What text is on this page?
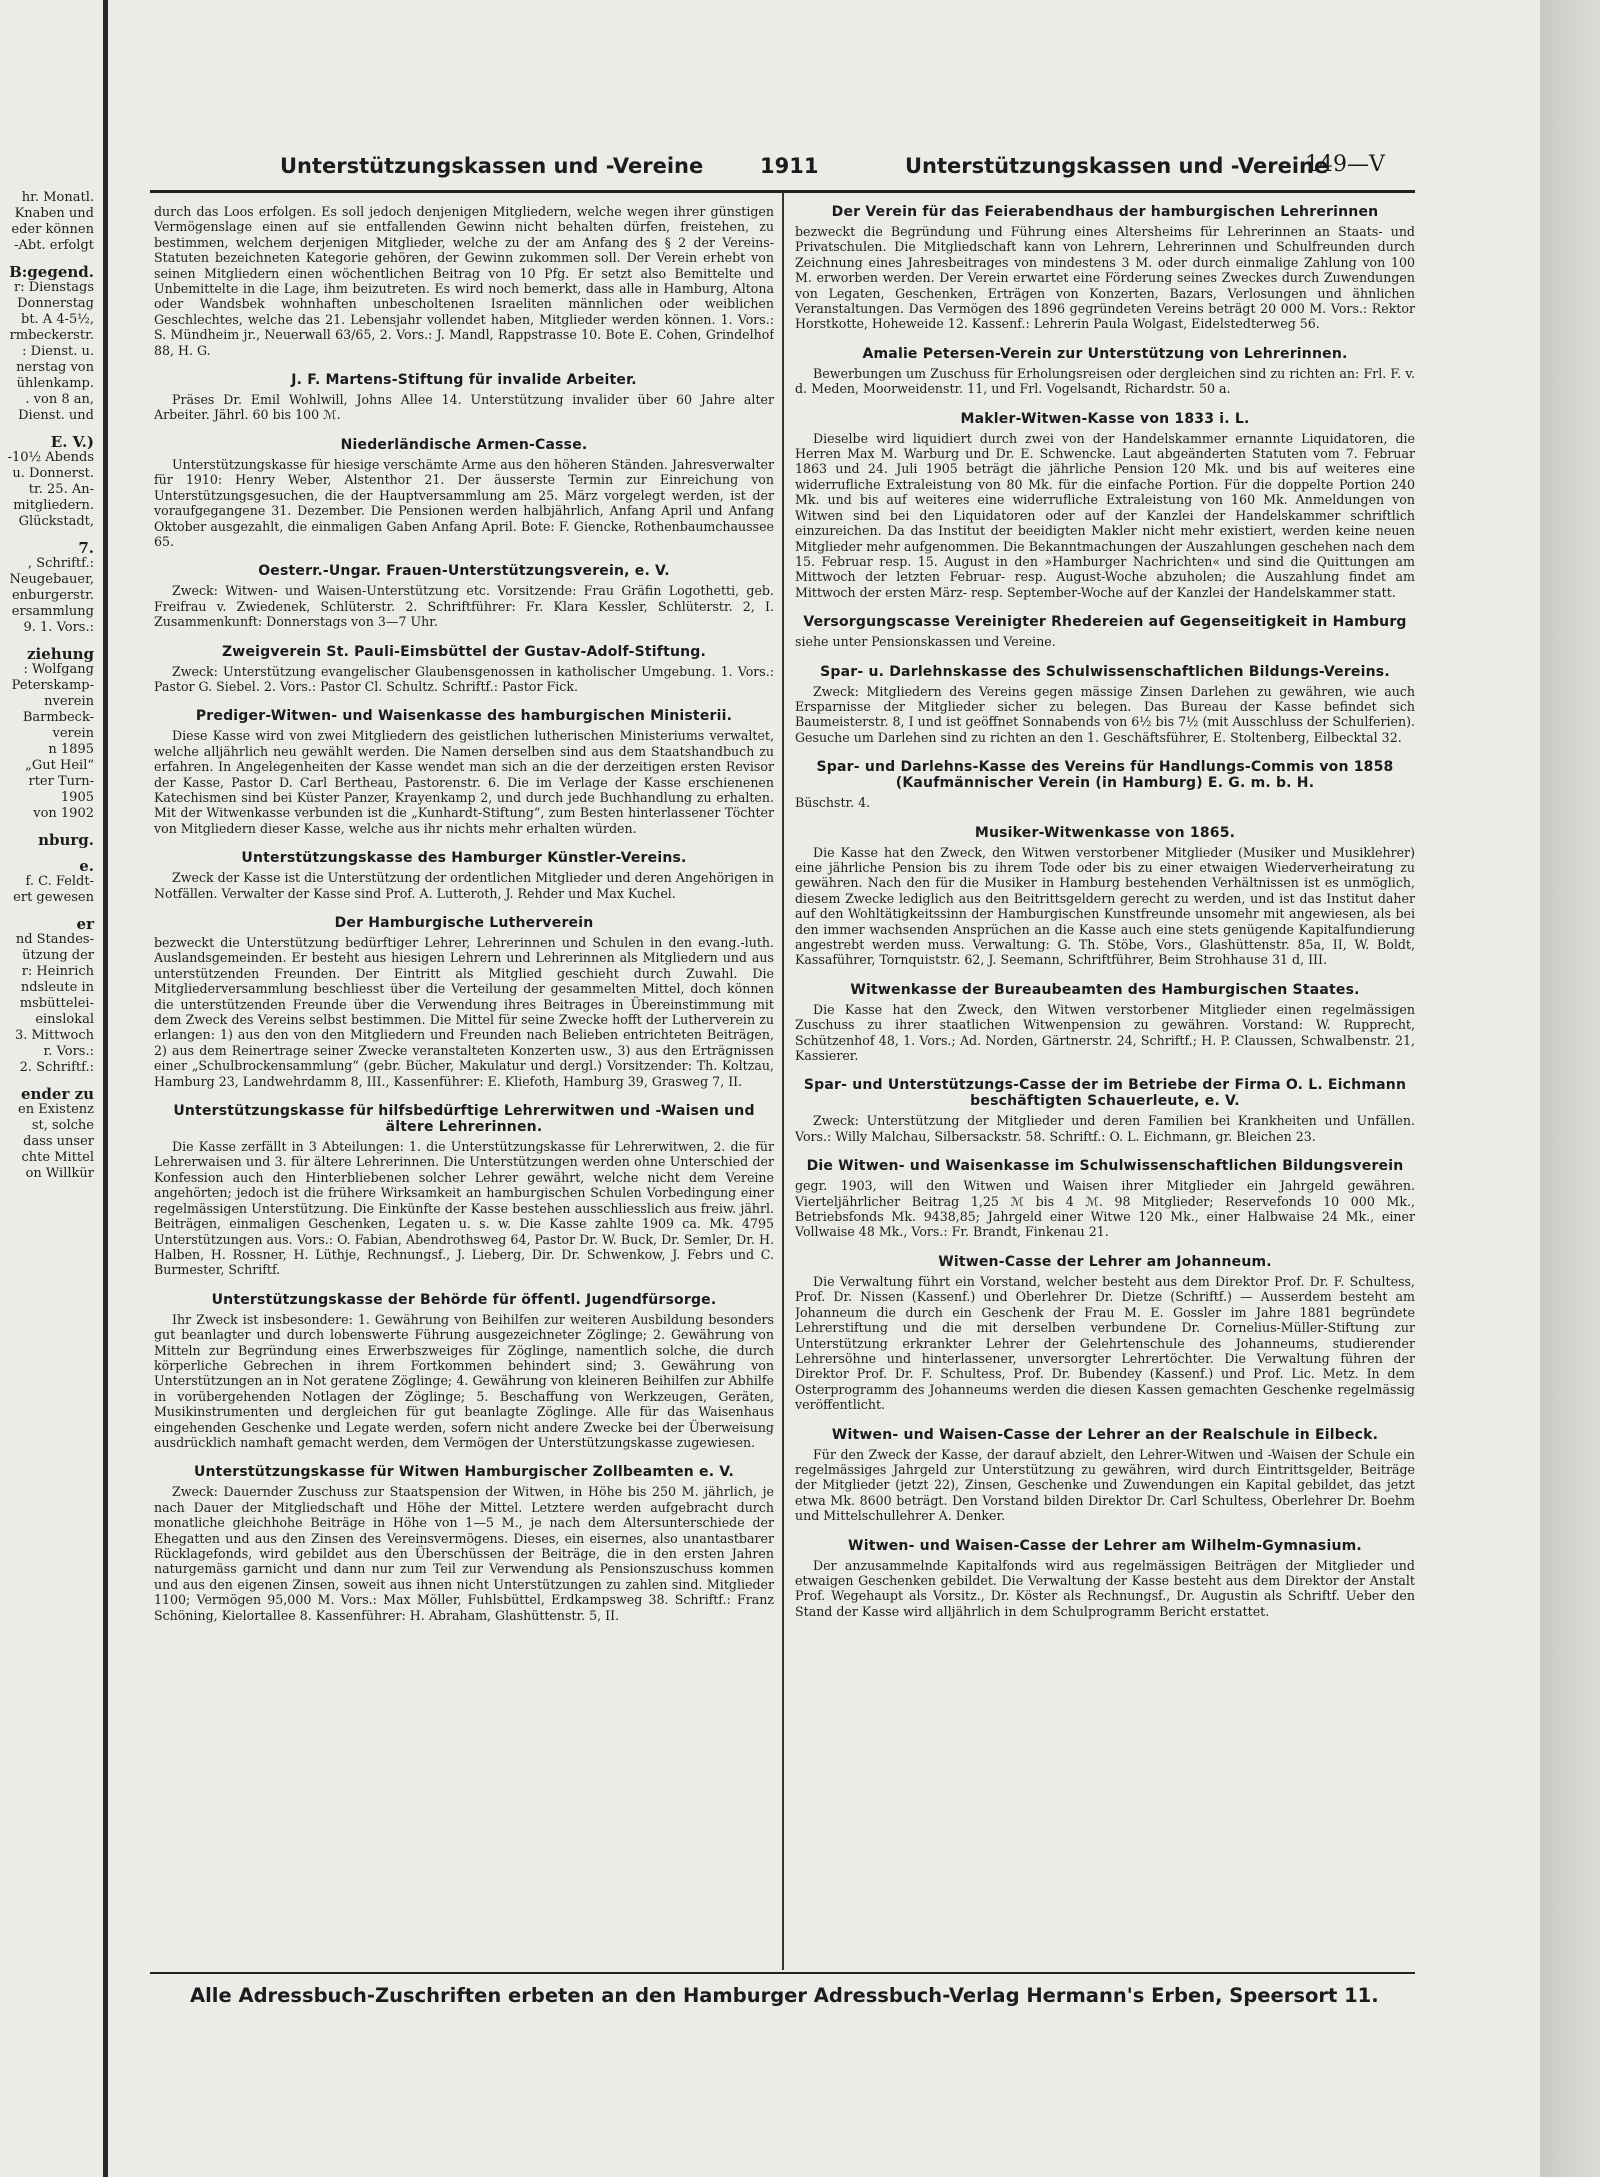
hr. Monatl.
Knaben und
eder können
-Abt. erfolgt
B:gegend.
r: Dienstags
Donnerstag
bt. A 4-5½,
rmbeckerstr.
: Dienst. u.
nerstag von
ühlenkamp.
. von 8 an,
Dienst. und
E. V.)
-10½ Abends
u. Donnerst.
tr. 25. An-
mitgliedern.
Glückstadt,
7.
, Schriftf.:
Neugebauer,
enburgerstr.
ersammlung
9. 1. Vors.:
ziehung
: Wolfgang
Peterskamp-
nverein
Barmbeck-
verein
n 1895
„Gut Heil“
rter Turn-
1905
von 1902
nburg.
e.
f. C. Feldt-
ert gewesen
er
nd Standes-
ützung der
r: Heinrich
ndsleute in
msbüttelei-
einslokal
3. Mittwoch
r. Vors.:
2. Schriftf.:
ender zu
en Existenz
st, solche
dass unser
chte Mittel
on Willkür
Unterstützungskassen und -Vereine	1911	Unterstützungskassen und -Vereine
149—V

durch das Loos erfolgen. Es soll jedoch denjenigen Mitgliedern, welche wegen ihrer günstigen Vermögenslage einen auf sie entfallenden Gewinn nicht behalten dürfen, freistehen, zu bestimmen, welchem derjenigen Mitglieder, welche zu der am Anfang des § 2 der Vereins-Statuten bezeichneten Kategorie gehören, der Gewinn zukommen soll. Der Verein erhebt von seinen Mitgliedern einen wöchentlichen Beitrag von 10 Pfg. Er setzt also Bemittelte und Unbemittelte in die Lage, ihm beizutreten. Es wird noch bemerkt, dass alle in Hamburg, Altona oder Wandsbek wohnhaften unbescholtenen Israeliten männlichen oder weiblichen Geschlechtes, welche das 21. Lebensjahr vollendet haben, Mitglieder werden können. 1. Vors.: S. Mündheim jr., Neuerwall 63/65, 2. Vors.: J. Mandl, Rappstrasse 10. Bote E. Cohen, Grindelhof 88, H. G.

J. F. Martens-Stiftung für invalide Arbeiter.

Präses Dr. Emil Wohlwill, Johns Allee 14. Unterstützung invalider über 60 Jahre alter Arbeiter. Jährl. 60 bis 100 ℳ.

Niederländische Armen-Casse.

Unterstützungskasse für hiesige verschämte Arme aus den höheren Ständen. Jahresverwalter für 1910: Henry Weber, Alstenthor 21. Der äusserste Termin zur Einreichung von Unterstützungsgesuchen, die der Hauptversammlung am 25. März vorgelegt werden, ist der voraufgegangene 31. Dezember. Die Pensionen werden halbjährlich, Anfang April und Anfang Oktober ausgezahlt, die einmaligen Gaben Anfang April. Bote: F. Giencke, Rothenbaumchaussee 65.

Oesterr.-Ungar. Frauen-Unterstützungsverein, e. V.

Zweck: Witwen- und Waisen-Unterstützung etc. Vorsitzende: Frau Gräfin Logothetti, geb. Freifrau v. Zwiedenek, Schlüterstr. 2. Schriftführer: Fr. Klara Kessler, Schlüterstr. 2, I. Zusammenkunft: Donnerstags von 3—7 Uhr.

Zweigverein St. Pauli-Eimsbüttel der Gustav-Adolf-Stiftung.

Zweck: Unterstützung evangelischer Glaubensgenossen in katholischer Umgebung. 1. Vors.: Pastor G. Siebel. 2. Vors.: Pastor Cl. Schultz. Schriftf.: Pastor Fick.

Prediger-Witwen- und Waisenkasse des hamburgischen Ministerii.

Diese Kasse wird von zwei Mitgliedern des geistlichen lutherischen Ministeriums verwaltet, welche alljährlich neu gewählt werden. Die Namen derselben sind aus dem Staatshandbuch zu erfahren. In Angelegenheiten der Kasse wendet man sich an die der derzeitigen ersten Revisor der Kasse, Pastor D. Carl Bertheau, Pastorenstr. 6. Die im Verlage der Kasse erschienenen Katechismen sind bei Küster Panzer, Krayenkamp 2, und durch jede Buchhandlung zu erhalten. Mit der Witwenkasse verbunden ist die „Kunhardt-Stiftung“, zum Besten hinterlassener Töchter von Mitgliedern dieser Kasse, welche aus ihr nichts mehr erhalten würden.

Unterstützungskasse des Hamburger Künstler-Vereins.

Zweck der Kasse ist die Unterstützung der ordentlichen Mitglieder und deren Angehörigen in Notfällen. Verwalter der Kasse sind Prof. A. Lutteroth, J. Rehder und Max Kuchel.

Der Hamburgische Lutherverein

bezweckt die Unterstützung bedürftiger Lehrer, Lehrerinnen und Schulen in den evang.-luth. Auslandsgemeinden. Er besteht aus hiesigen Lehrern und Lehrerinnen als Mitgliedern und aus unterstützenden Freunden. Der Eintritt als Mitglied geschieht durch Zuwahl. Die Mitgliederversammlung beschliesst über die Verteilung der gesammelten Mittel, doch können die unterstützenden Freunde über die Verwendung ihres Beitrages in Übereinstimmung mit dem Zweck des Vereins selbst bestimmen. Die Mittel für seine Zwecke hofft der Lutherverein zu erlangen: 1) aus den von den Mitgliedern und Freunden nach Belieben entrichteten Beiträgen, 2) aus dem Reinertrage seiner Zwecke veranstalteten Konzerten usw., 3) aus den Erträgnissen einer „Schulbrockensammlung“ (gebr. Bücher, Makulatur und dergl.) Vorsitzender: Th. Koltzau, Hamburg 23, Landwehrdamm 8, III., Kassenführer: E. Kliefoth, Hamburg 39, Grasweg 7, II.

Unterstützungskasse für hilfsbedürftige Lehrerwitwen und -Waisen und ältere Lehrerinnen.

Die Kasse zerfällt in 3 Abteilungen: 1. die Unterstützungskasse für Lehrerwitwen, 2. die für Lehrerwaisen und 3. für ältere Lehrerinnen. Die Unterstützungen werden ohne Unterschied der Konfession auch den Hinterbliebenen solcher Lehrer gewährt, welche nicht dem Vereine angehörten; jedoch ist die frühere Wirksamkeit an hamburgischen Schulen Vorbedingung einer regelmässigen Unterstützung. Die Einkünfte der Kasse bestehen ausschliesslich aus freiw. jährl. Beiträgen, einmaligen Geschenken, Legaten u. s. w. Die Kasse zahlte 1909 ca. Mk. 4795 Unterstützungen aus. Vors.: O. Fabian, Abendrothsweg 64, Pastor Dr. W. Buck, Dr. Semler, Dr. H. Halben, H. Rossner, H. Lüthje, Rechnungsf., J. Lieberg, Dir. Dr. Schwenkow, J. Febrs und C. Burmester, Schriftf.

Unterstützungskasse der Behörde für öffentl. Jugendfürsorge.

Ihr Zweck ist insbesondere: 1. Gewährung von Beihilfen zur weiteren Ausbildung besonders gut beanlagter und durch lobenswerte Führung ausgezeichneter Zöglinge; 2. Gewährung von Mitteln zur Begründung eines Erwerbszweiges für Zöglinge, namentlich solche, die durch körperliche Gebrechen in ihrem Fortkommen behindert sind; 3. Gewährung von Unterstützungen an in Not geratene Zöglinge; 4. Gewährung von kleineren Beihilfen zur Abhilfe in vorübergehenden Notlagen der Zöglinge; 5. Beschaffung von Werkzeugen, Geräten, Musikinstrumenten und dergleichen für gut beanlagte Zöglinge. Alle für das Waisenhaus eingehenden Geschenke und Legate werden, sofern nicht andere Zwecke bei der Überweisung ausdrücklich namhaft gemacht werden, dem Vermögen der Unterstützungskasse zugewiesen.

Unterstützungskasse für Witwen Hamburgischer Zollbeamten e. V.

Zweck: Dauernder Zuschuss zur Staatspension der Witwen, in Höhe bis 250 M. jährlich, je nach Dauer der Mitgliedschaft und Höhe der Mittel. Letztere werden aufgebracht durch monatliche gleichhohe Beiträge in Höhe von 1—5 M., je nach dem Altersunterschiede der Ehegatten und aus den Zinsen des Vereinsvermögens. Dieses, ein eisernes, also unantastbarer Rücklagefonds, wird gebildet aus den Überschüssen der Beiträge, die in den ersten Jahren naturgemäss garnicht und dann nur zum Teil zur Verwendung als Pensionszuschuss kommen und aus den eigenen Zinsen, soweit aus ihnen nicht Unterstützungen zu zahlen sind. Mitglieder 1100; Vermögen 95,000 M. Vors.: Max Möller, Fuhlsbüttel, Erdkampsweg 38. Schriftf.: Franz Schöning, Kielortallee 8. Kassenführer: H. Abraham, Glashüttenstr. 5, II.

Der Verein für das Feierabendhaus der hamburgischen Lehrerinnen

bezweckt die Begründung und Führung eines Altersheims für Lehrerinnen an Staats- und Privatschulen. Die Mitgliedschaft kann von Lehrern, Lehrerinnen und Schulfreunden durch Zeichnung eines Jahresbeitrages von mindestens 3 M. oder durch einmalige Zahlung von 100 M. erworben werden. Der Verein erwartet eine Förderung seines Zweckes durch Zuwendungen von Legaten, Geschenken, Erträgen von Konzerten, Bazars, Verlosungen und ähnlichen Veranstaltungen. Das Vermögen des 1896 gegründeten Vereins beträgt 20 000 M. Vors.: Rektor Horstkotte, Hoheweide 12. Kassenf.: Lehrerin Paula Wolgast, Eidelstedterweg 56.

Amalie Petersen-Verein zur Unterstützung von Lehrerinnen.

Bewerbungen um Zuschuss für Erholungsreisen oder dergleichen sind zu richten an: Frl. F. v. d. Meden, Moorweidenstr. 11, und Frl. Vogelsandt, Richardstr. 50 a.

Makler-Witwen-Kasse von 1833 i. L.

Dieselbe wird liquidiert durch zwei von der Handelskammer ernannte Liquidatoren, die Herren Max M. Warburg und Dr. E. Schwencke. Laut abgeänderten Statuten vom 7. Februar 1863 und 24. Juli 1905 beträgt die jährliche Pension 120 Mk. und bis auf weiteres eine widerrufliche Extraleistung von 80 Mk. für die einfache Portion. Für die doppelte Portion 240 Mk. und bis auf weiteres eine widerrufliche Extraleistung von 160 Mk. Anmeldungen von Witwen sind bei den Liquidatoren oder auf der Kanzlei der Handelskammer schriftlich einzureichen. Da das Institut der beeidigten Makler nicht mehr existiert, werden keine neuen Mitglieder mehr aufgenommen. Die Bekanntmachungen der Auszahlungen geschehen nach dem 15. Februar resp. 15. August in den »Hamburger Nachrichten« und sind die Quittungen am Mittwoch der letzten Februar- resp. August-Woche abzuholen; die Auszahlung findet am Mittwoch der ersten März- resp. September-Woche auf der Kanzlei der Handelskammer statt.

Versorgungscasse Vereinigter Rhedereien auf Gegenseitigkeit in Hamburg

siehe unter Pensionskassen und Vereine.

Spar- u. Darlehnskasse des Schulwissenschaftlichen Bildungs-Vereins.

Zweck: Mitgliedern des Vereins gegen mässige Zinsen Darlehen zu gewähren, wie auch Ersparnisse der Mitglieder sicher zu belegen. Das Bureau der Kasse befindet sich Baumeisterstr. 8, I und ist geöffnet Sonnabends von 6½ bis 7½ (mit Ausschluss der Schulferien). Gesuche um Darlehen sind zu richten an den 1. Geschäftsführer, E. Stoltenberg, Eilbecktal 32.

Spar- und Darlehns-Kasse des Vereins für Handlungs-Commis von 1858 (Kaufmännischer Verein (in Hamburg) E. G. m. b. H.

Büschstr. 4.

Musiker-Witwenkasse von 1865.

Die Kasse hat den Zweck, den Witwen verstorbener Mitglieder (Musiker und Musiklehrer) eine jährliche Pension bis zu ihrem Tode oder bis zu einer etwaigen Wiederverheiratung zu gewähren. Nach den für die Musiker in Hamburg bestehenden Verhältnissen ist es unmöglich, diesem Zwecke lediglich aus den Beitrittsgeldern gerecht zu werden, und ist das Institut daher auf den Wohltätigkeitssinn der Hamburgischen Kunstfreunde unsomehr mit angewiesen, als bei den immer wachsenden Ansprüchen an die Kasse auch eine stets genügende Kapitalfundierung angestrebt werden muss. Verwaltung: G. Th. Stöbe, Vors., Glashüttenstr. 85a, II, W. Boldt, Kassaführer, Tornquiststr. 62, J. Seemann, Schriftführer, Beim Strohhause 31 d, III.

Witwenkasse der Bureaubeamten des Hamburgischen Staates.

Die Kasse hat den Zweck, den Witwen verstorbener Mitglieder einen regelmässigen Zuschuss zu ihrer staatlichen Witwenpension zu gewähren. Vorstand: W. Rupprecht, Schützenhof 48, 1. Vors.; Ad. Norden, Gärtnerstr. 24, Schriftf.; H. P. Claussen, Schwalbenstr. 21, Kassierer.

Spar- und Unterstützungs-Casse der im Betriebe der Firma O. L. Eichmann beschäftigten Schauerleute, e. V.

Zweck: Unterstützung der Mitglieder und deren Familien bei Krankheiten und Unfällen. Vors.: Willy Malchau, Silbersackstr. 58. Schriftf.: O. L. Eichmann, gr. Bleichen 23.

Die Witwen- und Waisenkasse im Schulwissenschaftlichen Bildungsverein

gegr. 1903, will den Witwen und Waisen ihrer Mitglieder ein Jahrgeld gewähren. Vierteljährlicher Beitrag 1,25 ℳ bis 4 ℳ. 98 Mitglieder; Reservefonds 10 000 Mk., Betriebsfonds Mk. 9438,85; Jahrgeld einer Witwe 120 Mk., einer Halbwaise 24 Mk., einer Vollwaise 48 Mk., Vors.: Fr. Brandt, Finkenau 21.

Witwen-Casse der Lehrer am Johanneum.

Die Verwaltung führt ein Vorstand, welcher besteht aus dem Direktor Prof. Dr. F. Schultess, Prof. Dr. Nissen (Kassenf.) und Oberlehrer Dr. Dietze (Schriftf.) — Ausserdem besteht am Johanneum die durch ein Geschenk der Frau M. E. Gossler im Jahre 1881 begründete Lehrerstiftung und die mit derselben verbundene Dr. Cornelius-Müller-Stiftung zur Unterstützung erkrankter Lehrer der Gelehrtenschule des Johanneums, studierender Lehrersöhne und hinterlassener, unversorgter Lehrertöchter. Die Verwaltung führen der Direktor Prof. Dr. F. Schultess, Prof. Dr. Bubendey (Kassenf.) und Prof. Lic. Metz. In dem Osterprogramm des Johanneums werden die diesen Kassen gemachten Geschenke regelmässig veröffentlicht.

Witwen- und Waisen-Casse der Lehrer an der Realschule in Eilbeck.

Für den Zweck der Kasse, der darauf abzielt, den Lehrer-Witwen und -Waisen der Schule ein regelmässiges Jahrgeld zur Unterstützung zu gewähren, wird durch Eintrittsgelder, Beiträge der Mitglieder (jetzt 22), Zinsen, Geschenke und Zuwendungen ein Kapital gebildet, das jetzt etwa Mk. 8600 beträgt. Den Vorstand bilden Direktor Dr. Carl Schultess, Oberlehrer Dr. Boehm und Mittelschullehrer A. Denker.

Witwen- und Waisen-Casse der Lehrer am Wilhelm-Gymnasium.

Der anzusammelnde Kapitalfonds wird aus regelmässigen Beiträgen der Mitglieder und etwaigen Geschenken gebildet. Die Verwaltung der Kasse besteht aus dem Direktor der Anstalt Prof. Wegehaupt als Vorsitz., Dr. Köster als Rechnungsf., Dr. Augustin als Schriftf. Ueber den Stand der Kasse wird alljährlich in dem Schulprogramm Bericht erstattet.

Alle Adressbuch-Zuschriften erbeten an den Hamburger Adressbuch-Verlag Hermann's Erben, Speersort 11.
